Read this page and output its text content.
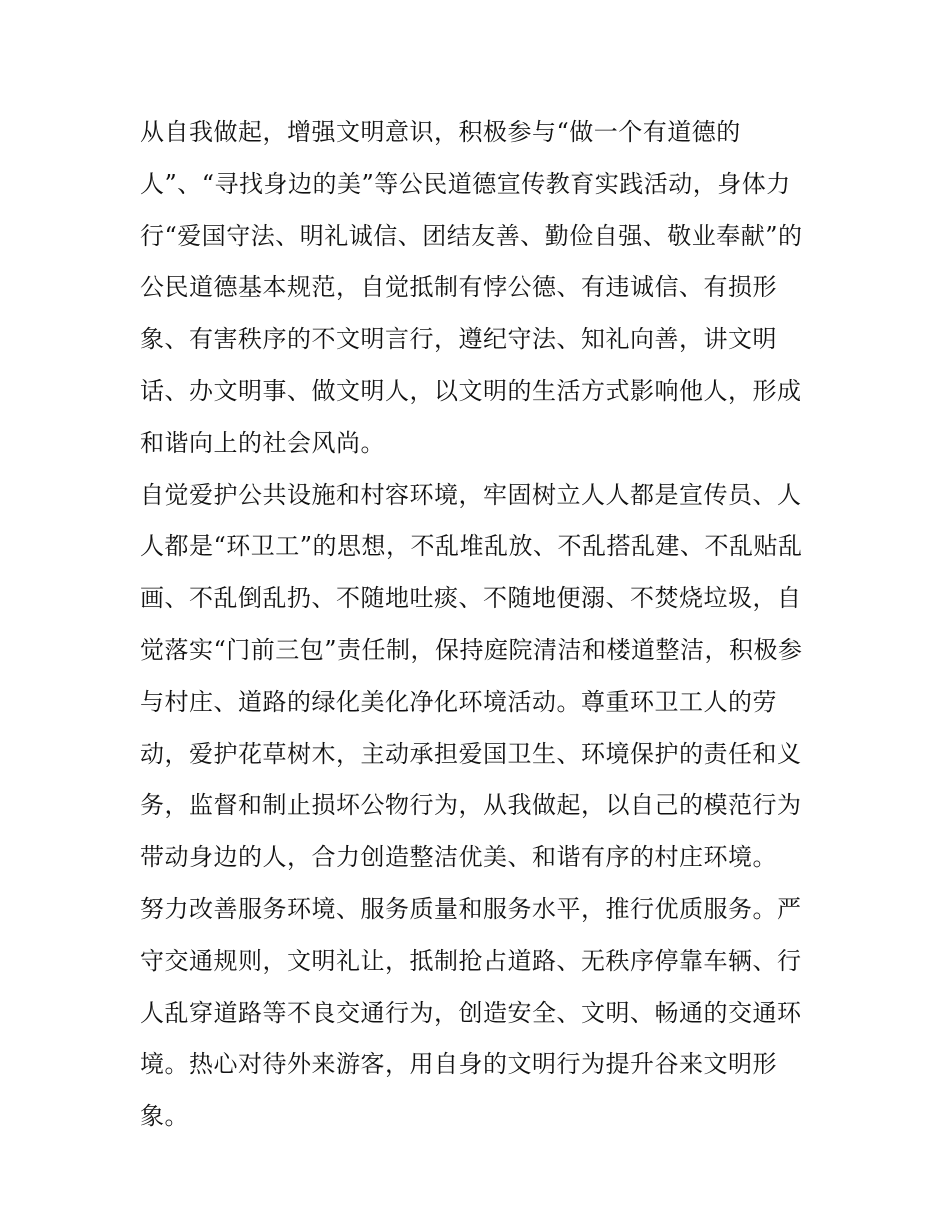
从自我做起，增强文明意识，积极参与“做一个有道德的
人”、“寻找身边的美”等公民道德宣传教育实践活动，身体力
行“爱国守法、明礼诚信、团结友善、勤俭自强、敬业奉献”的
公民道德基本规范，自觉抵制有悖公德、有违诚信、有损形
象、有害秩序的不文明言行，遵纪守法、知礼向善，讲文明
话、办文明事、做文明人，以文明的生活方式影响他人，形成
和谐向上的社会风尚。
自觉爱护公共设施和村容环境，牢固树立人人都是宣传员、人
人都是“环卫工”的思想，不乱堆乱放、不乱搭乱建、不乱贴乱
画、不乱倒乱扔、不随地吐痰、不随地便溺、不焚烧垃圾，自
觉落实“门前三包”责任制，保持庭院清洁和楼道整洁，积极参
与村庄、道路的绿化美化净化环境活动。尊重环卫工人的劳
动，爱护花草树木，主动承担爱国卫生、环境保护的责任和义
务，监督和制止损坏公物行为，从我做起，以自己的模范行为
带动身边的人，合力创造整洁优美、和谐有序的村庄环境。
努力改善服务环境、服务质量和服务水平，推行优质服务。严
守交通规则，文明礼让，抵制抢占道路、无秩序停靠车辆、行
人乱穿道路等不良交通行为，创造安全、文明、畅通的交通环
境。热心对待外来游客，用自身的文明行为提升谷来文明形
象。
